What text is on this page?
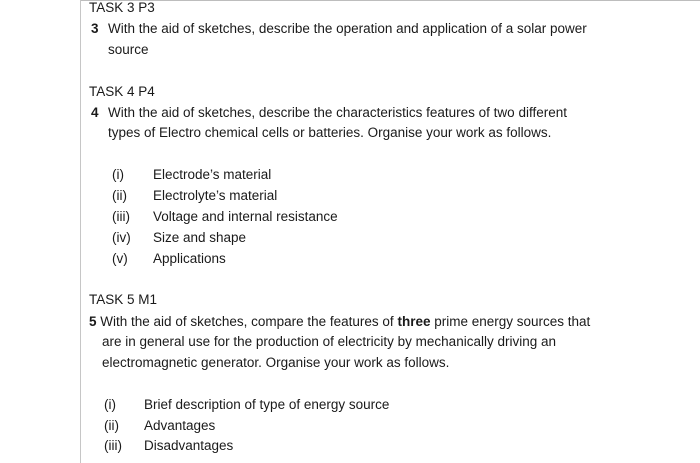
TASK 3 P3
3 With the aid of sketches, describe the operation and application of a solar power
source
TASK 4 P4
4 With the aid of sketches, describe the characteristics features of two different
types of Electro chemical cells or batteries. Organise your work as follows.
(i) Electrode’s material
(ii) Electrolyte’s material
(iii) Voltage and internal resistance
(iv) Size and shape
(v) Applications
TASK 5 M1
5 With the aid of sketches, compare the features of three prime energy sources that
are in general use for the production of electricity by mechanically driving an
electromagnetic generator. Organise your work as follows.
(i) Brief description of type of energy source
(ii) Advantages
(iii) Disadvantages
